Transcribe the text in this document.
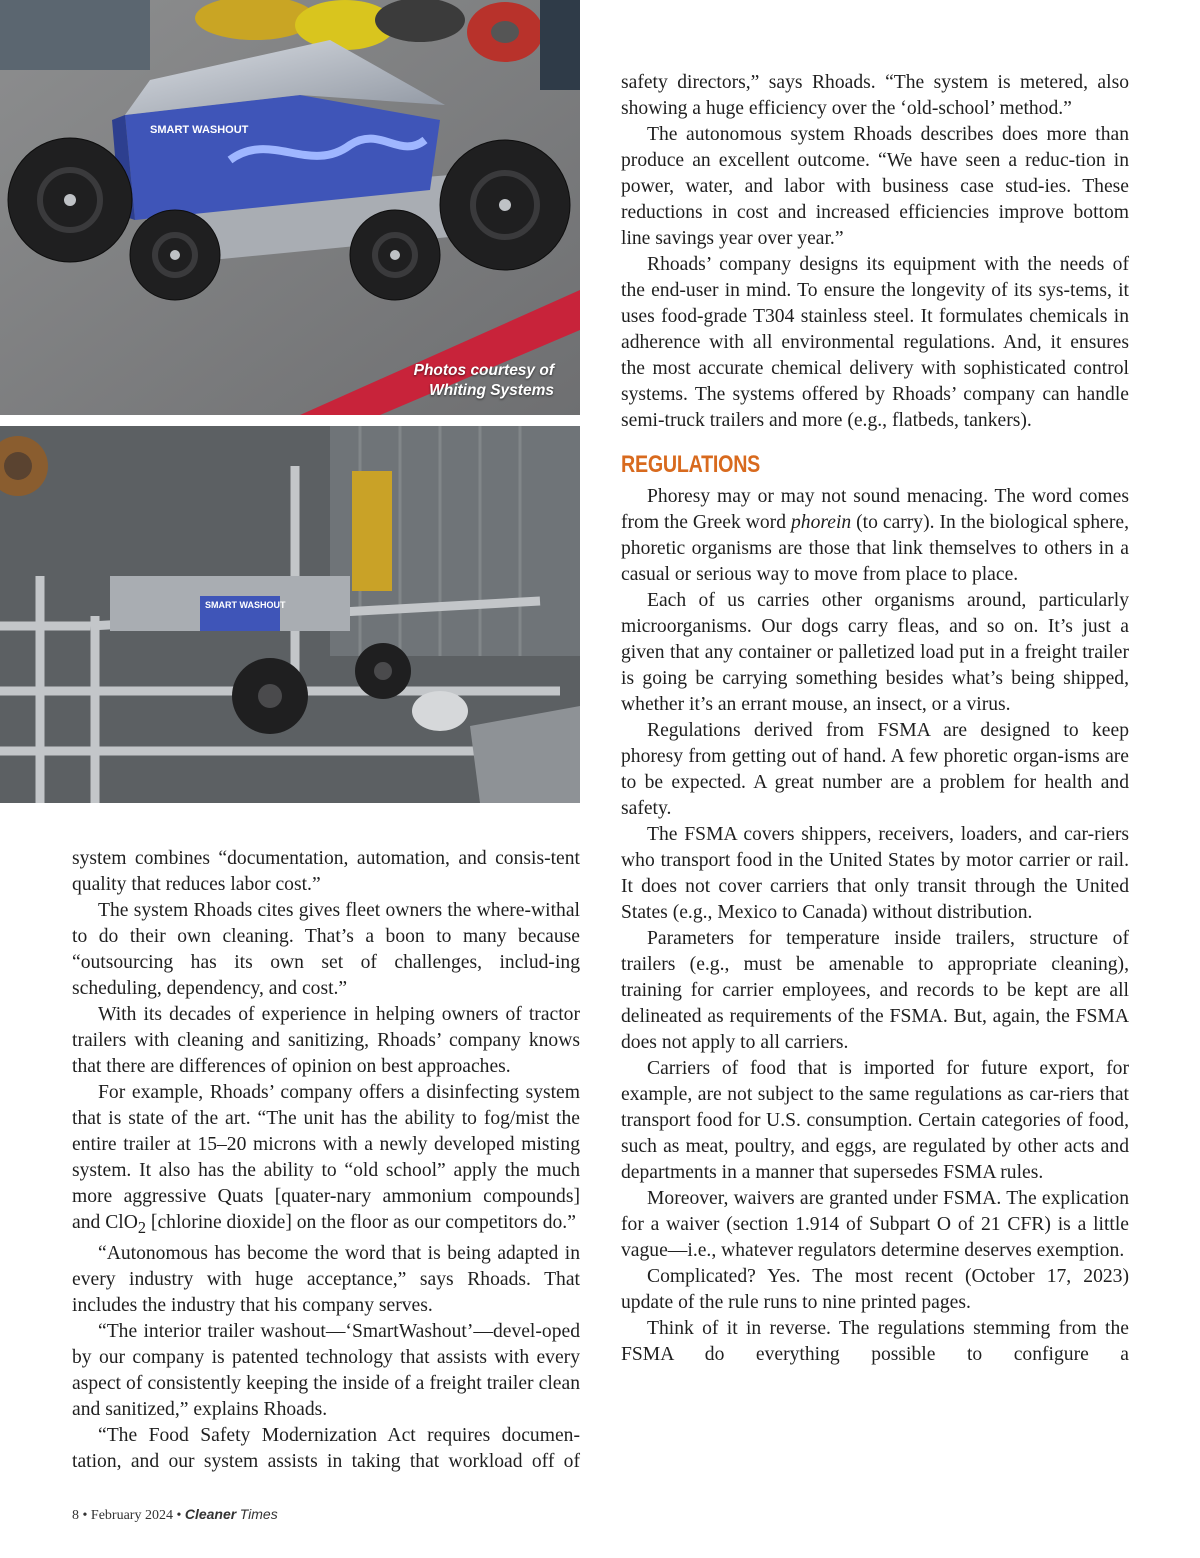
SMART WASHOUT
Photos courtesy of
Whiting Systems
SMART WASHOUT

system combines “documentation, automation, and consis-tent quality that reduces labor cost.”

The system Rhoads cites gives fleet owners the where-withal to do their own cleaning. That’s a boon to many because “outsourcing has its own set of challenges, includ-ing scheduling, dependency, and cost.”

With its decades of experience in helping owners of tractor trailers with cleaning and sanitizing, Rhoads’ company knows that there are differences of opinion on best approaches.

For example, Rhoads’ company offers a disinfecting system that is state of the art. “The unit has the ability to fog/mist the entire trailer at 15–20 microns with a newly developed misting system. It also has the ability to “old school” apply the much more aggressive Quats [quater-nary ammonium compounds] and ClO$_2$ [chlorine dioxide] on the floor as our competitors do.”

“Autonomous has become the word that is being adapted in every industry with huge acceptance,” says Rhoads. That includes the industry that his company serves.

“The interior trailer washout—‘SmartWashout’—devel-oped by our company is patented technology that assists with every aspect of consistently keeping the inside of a freight trailer clean and sanitized,” explains Rhoads.

“The Food Safety Modernization Act requires documen-tation, and our system assists in taking that workload off of

safety directors,” says Rhoads. “The system is metered, also showing a huge efficiency over the ‘old-school’ method.”

The autonomous system Rhoads describes does more than produce an excellent outcome. “We have seen a reduc-tion in power, water, and labor with business case stud-ies. These reductions in cost and increased efficiencies improve bottom line savings year over year.”

Rhoads’ company designs its equipment with the needs of the end-user in mind. To ensure the longevity of its sys-tems, it uses food-grade T304 stainless steel. It formulates chemicals in adherence with all environmental regulations. And, it ensures the most accurate chemical delivery with sophisticated control systems. The systems offered by Rhoads’ company can handle semi-truck trailers and more (e.g., flatbeds, tankers).

REGULATIONS

Phoresy may or may not sound menacing. The word comes from the Greek word phorein (to carry). In the biological sphere, phoretic organisms are those that link themselves to others in a casual or serious way to move from place to place.

Each of us carries other organisms around, particularly microorganisms. Our dogs carry fleas, and so on. It’s just a given that any container or palletized load put in a freight trailer is going be carrying something besides what’s being shipped, whether it’s an errant mouse, an insect, or a virus.

Regulations derived from FSMA are designed to keep phoresy from getting out of hand. A few phoretic organ-isms are to be expected. A great number are a problem for health and safety.

The FSMA covers shippers, receivers, loaders, and car-riers who transport food in the United States by motor carrier or rail. It does not cover carriers that only transit through the United States (e.g., Mexico to Canada) without distribution.

Parameters for temperature inside trailers, structure of trailers (e.g., must be amenable to appropriate cleaning), training for carrier employees, and records to be kept are all delineated as requirements of the FSMA. But, again, the FSMA does not apply to all carriers.

Carriers of food that is imported for future export, for example, are not subject to the same regulations as car-riers that transport food for U.S. consumption. Certain categories of food, such as meat, poultry, and eggs, are regulated by other acts and departments in a manner that supersedes FSMA rules.

Moreover, waivers are granted under FSMA. The explication for a waiver (section 1.914 of Subpart O of 21 CFR) is a little vague—i.e., whatever regulators determine deserves exemption.

Complicated? Yes. The most recent (October 17, 2023) update of the rule runs to nine printed pages.

Think of it in reverse. The regulations stemming from the FSMA do everything possible to configure a

8 • February 2024 • Cleaner Times
